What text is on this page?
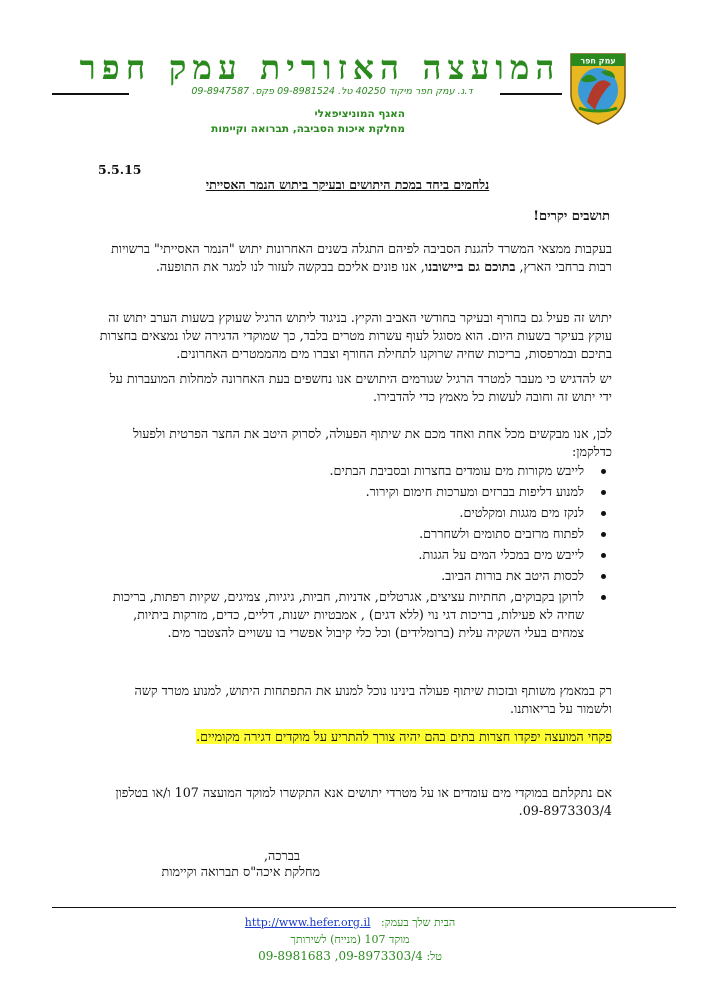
המועצה האזורית עמק חפר
ד.נ. עמק חפר מיקוד 40250 טל. 09-8981524 פקס. 09-8947587
האגף המוניציפאלי
מחלקת איכות הסביבה, תברואה וקיימות
עמק חפר
5.5.15
נלחמים ביחד במכת היתושים ובעיקר ביתוש הנמר האסייתי
תושבים יקרים!
בעקבות ממצאי המשרד להגנת הסביבה לפיהם התגלה בשנים האחרונות יתוש "הנמר האסייתי" ברשויות רבות ברחבי הארץ, בתוכם גם ביישובנו, אנו פונים אליכם בבקשה לעזור לנו למגר את התופעה.
יתוש זה פעיל גם בחורף ובעיקר בחודשי האביב והקיץ. בניגוד ליתוש הרגיל שעוקץ בשעות הערב יתוש זה עוקץ בעיקר בשעות היום. הוא מסוגל לעוף עשרות מטרים בלבד, כך שמוקדי הדגירה שלו נמצאים בחצרות בתיכם ובמרפסות, בריכות שחיה שרוקנו לתחילת החורף וצברו מים מהממטרים האחרונים.
יש להדגיש כי מעבר למטרד הרגיל שגורמים היתושים אנו נחשפים בעת האחרונה למחלות המועברות על ידי יתוש זה וחובה לעשות כל מאמץ כדי להדבירו.
לכן, אנו מבקשים מכל אחת ואחד מכם את שיתוף הפעולה, לסרוק היטב את החצר הפרטית ולפעול כדלקמן:
לייבש מקורות מים עומדים בחצרות ובסביבת הבתים.
למנוע דליפות בברזים ומערכות חימום וקירור.
לנקז מים מגגות ומקלטים.
לפתוח מרזבים סתומים ולשחררם.
לייבש מים במכלי המים על הגגות.
לכסות היטב את בורות הביוב.
לרוקן בקבוקים, תחתיות עציצים, אגרטלים, אדניות, חביות, גיגיות, צמיגים, שקיות רפתות, בריכות שחיה לא פעילות, בריכות דגי נוי (ללא דגים) , אמבטיות ישנות, דליים, כדים, מזרקות ביתיות, צמחים בעלי השקיה עלית (ברומלידים) וכל כלי קיבול אפשרי בו עשויים להצטבר מים.
רק במאמץ משותף ובזכות שיתוף פעולה בינינו נוכל למנוע את התפתחות היתוש, למנוע מטרד קשה ולשמור על בריאותנו.
פקחי המועצה יפקדו חצרות בתים בהם יהיה צורך להתריע על מוקדים דגירה מקומיים.
אם נתקלתם במוקדי מים עומדים או על מטרדי יתושים אנא התקשרו למוקד המועצה 107 ו/או בטלפון 09-8973303/4.
בברכה,
מחלקת איכה"ס תברואה וקיימות
הבית שלך בעמק:   http://www.hefer.org.il
מוקד 107 (מנייח) לשירותך
טל: 09-8973303/4, 09-8981683
